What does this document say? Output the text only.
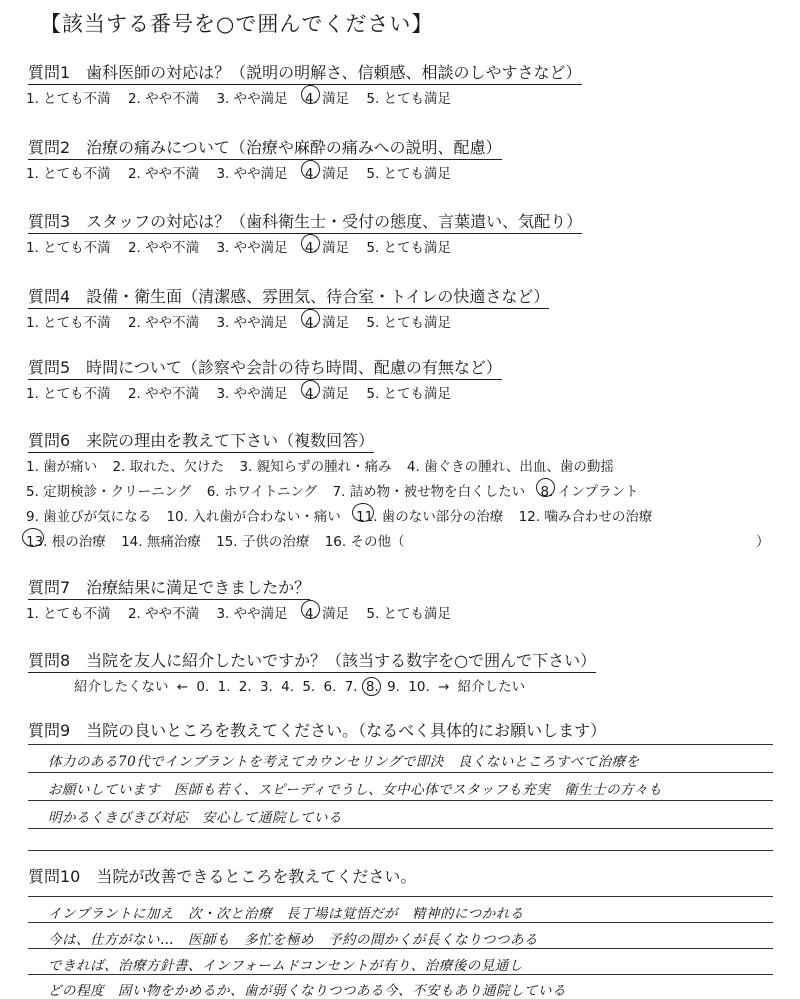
【該当する番号を○で囲んでください】
質問1　歯科医師の対応は？（説明の明解さ、信頼感、相談のしやすさなど）
1. とても不満 2. やや不満 3. やや満足 4. 満足 5. とても満足
質問2　治療の痛みについて（治療や麻酔の痛みへの説明、配慮）
1. とても不満 2. やや不満 3. やや満足 4. 満足 5. とても満足
質問3　スタッフの対応は？（歯科衛生士・受付の態度、言葉遣い、気配り）
1. とても不満 2. やや不満 3. やや満足 4. 満足 5. とても満足
質問4　設備・衛生面（清潔感、雰囲気、待合室・トイレの快適さなど）
1. とても不満 2. やや不満 3. やや満足 4. 満足 5. とても満足
質問5　時間について（診察や会計の待ち時間、配慮の有無など）
1. とても不満 2. やや不満 3. やや満足 4. 満足 5. とても満足
質問6　来院の理由を教えて下さい（複数回答）
1. 歯が痛い 2. 取れた、欠けた 3. 親知らずの腫れ・痛み 4. 歯ぐきの腫れ、出血、歯の動揺
5. 定期検診・クリーニング 6. ホワイトニング 7. 詰め物・被せ物を白くしたい 8. インプラント
9. 歯並びが気になる 10. 入れ歯が合わない・痛い 11. 歯のない部分の治療 12. 噛み合わせの治療
13. 根の治療 14. 無痛治療 15. 子供の治療 16. その他（	）
質問7　治療結果に満足できましたか？
1. とても不満 2. やや不満 3. やや満足 4. 満足 5. とても満足
質問8　当院を友人に紹介したいですか？（該当する数字を○で囲んで下さい）
紹介したくない ← 0. 1. 2. 3. 4. 5. 6. 7. 8. 9. 10. → 紹介したい
質問9　当院の良いところを教えてください。（なるべく具体的にお願いします）
体力のある70代でインプラントを考えてカウンセリングで即決　良くないところすべて治療を
お願いしています　医師も若く、スピーディでうし、女中心体でスタッフも充実　衛生士の方々も
明かるくきびきび対応　安心して通院している
質問10　当院が改善できるところを教えてください。
インプラントに加え　次・次と治療　長丁場は覚悟だが　精神的につかれる
今は、仕方がない…　医師も　多忙を極め　予約の間かくが長くなりつつある
できれば、治療方針書、インフォームドコンセントが有り、治療後の見通し
どの程度　固い物をかめるか、歯が弱くなりつつある今、不安もあり通院している
